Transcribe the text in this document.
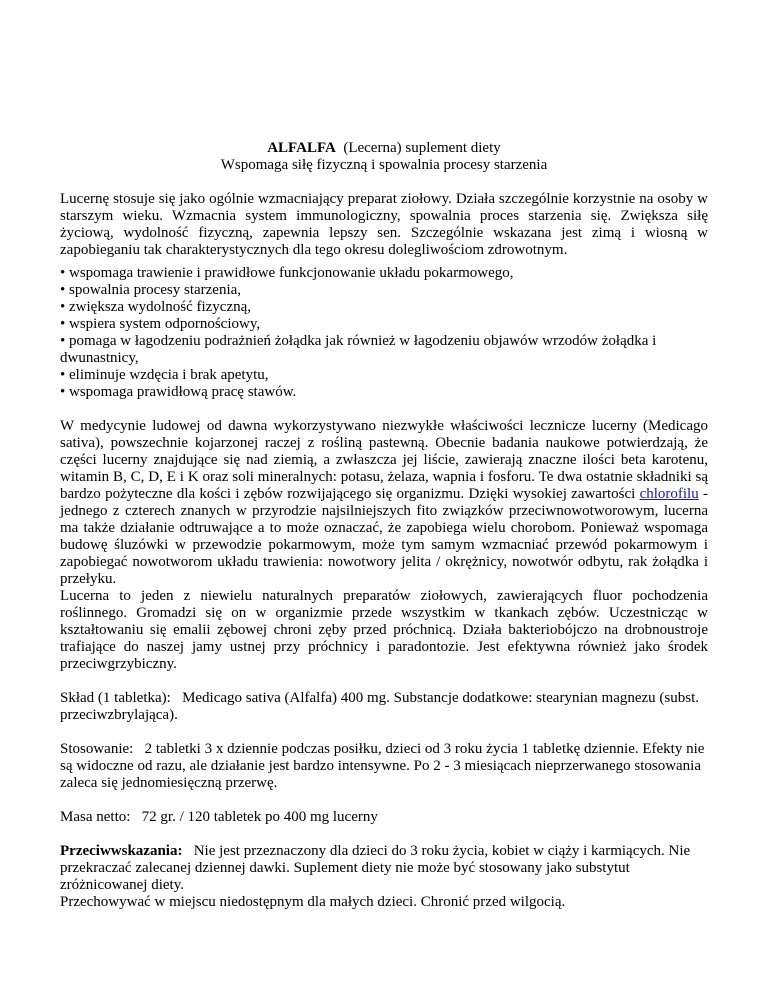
ALFALFA (Lecerna) suplement diety
Wspomaga siłę fizyczną i spowalnia procesy starzenia

Lucernę stosuje się jako ogólnie wzmacniający preparat ziołowy. Działa szczególnie korzystnie na osoby w starszym wieku. Wzmacnia system immunologiczny, spowalnia proces starzenia się. Zwiększa siłę życiową, wydolność fizyczną, zapewnia lepszy sen. Szczególnie wskazana jest zimą i wiosną w zapobieganiu tak charakterystycznych dla tego okresu dolegliwościom zdrowotnym.

• wspomaga trawienie i prawidłowe funkcjonowanie układu pokarmowego,
• spowalnia procesy starzenia,
• zwiększa wydolność fizyczną,
• wspiera system odpornościowy,
• pomaga w łagodzeniu podrażnień żołądka jak również w łagodzeniu objawów wrzodów żołądka i dwunastnicy,
• eliminuje wzdęcia i brak apetytu,
• wspomaga prawidłową pracę stawów.

W medycynie ludowej od dawna wykorzystywano niezwykłe właściwości lecznicze lucerny (Medicago sativa), powszechnie kojarzonej raczej z rośliną pastewną. Obecnie badania naukowe potwierdzają, że części lucerny znajdujące się nad ziemią, a zwłaszcza jej liście, zawierają znaczne ilości beta karotenu, witamin B, C, D, E i K oraz soli mineralnych: potasu, żelaza, wapnia i fosforu. Te dwa ostatnie składniki są bardzo pożyteczne dla kości i zębów rozwijającego się organizmu. Dzięki wysokiej zawartości chlorofilu - jednego z czterech znanych w przyrodzie najsilniejszych fito związków przeciwnowotworowym, lucerna ma także działanie odtruwające a to może oznaczać, że zapobiega wielu chorobom. Ponieważ wspomaga budowę śluzówki w przewodzie pokarmowym, może tym samym wzmacniać przewód pokarmowym i zapobiegać nowotworom układu trawienia: nowotwory jelita / okrężnicy, nowotwór odbytu, rak żołądka i przełyku.

Lucerna to jeden z niewielu naturalnych preparatów ziołowych, zawierających fluor pochodzenia roślinnego. Gromadzi się on w organizmie przede wszystkim w tkankach zębów. Uczestnicząc w kształtowaniu się emalii zębowej chroni zęby przed próchnicą. Działa bakteriobójczo na drobnoustroje trafiające do naszej jamy ustnej przy próchnicy i paradontozie. Jest efektywna również jako środek przeciwgrzybiczny.

Skład (1 tabletka): Medicago sativa (Alfalfa) 400 mg. Substancje dodatkowe: stearynian magnezu (subst. przeciwzbrylająca).

Stosowanie: 2 tabletki 3 x dziennie podczas posiłku, dzieci od 3 roku życia 1 tabletkę dziennie. Efekty nie są widoczne od razu, ale działanie jest bardzo intensywne. Po 2 - 3 miesiącach nieprzerwanego stosowania zaleca się jednomiesięczną przerwę.

Masa netto: 72 gr. / 120 tabletek po 400 mg lucerny

Przeciwwskazania: Nie jest przeznaczony dla dzieci do 3 roku życia, kobiet w ciąży i karmiących. Nie przekraczać zalecanej dziennej dawki. Suplement diety nie może być stosowany jako substytut zróżnicowanej diety.

Przechowywać w miejscu niedostępnym dla małych dzieci. Chronić przed wilgocią.
